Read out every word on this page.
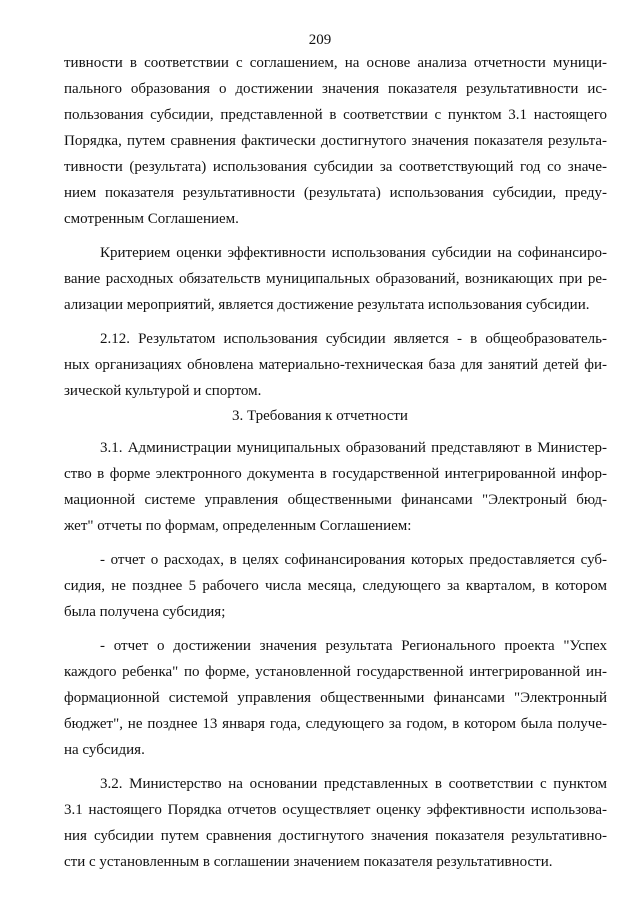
209
тивности в соответствии с соглашением, на основе анализа отчетности муници-
пального образования о достижении значения показателя результативности ис-
пользования субсидии, представленной в соответствии с пунктом 3.1 настоящего
Порядка, путем сравнения фактически достигнутого значения показателя результа-
тивности (результата) использования субсидии за соответствующий год со значе-
нием показателя результативности (результата) использования субсидии, преду-
смотренным Соглашением.
Критерием оценки эффективности использования субсидии на софинансиро-
вание расходных обязательств муниципальных образований, возникающих при ре-
ализации мероприятий, является достижение результата использования субсидии.
2.12. Результатом использования субсидии является - в общеобразователь-
ных организациях обновлена материально-техническая база для занятий детей фи-
зической культурой и спортом.
3. Требования к отчетности
3.1. Администрации муниципальных образований представляют в Министер-
ство в форме электронного документа в государственной интегрированной инфор-
мационной системе управления общественными финансами "Электроный бюд-
жет" отчеты по формам, определенным Соглашением:
- отчет о расходах, в целях софинансирования которых предоставляется суб-
сидия, не позднее 5 рабочего числа месяца, следующего за кварталом, в котором
была получена субсидия;
- отчет о достижении значения результата Регионального проекта "Успех
каждого ребенка" по форме, установленной государственной интегрированной ин-
формационной системой управления общественными финансами "Электронный
бюджет", не позднее 13 января года, следующего за годом, в котором была получе-
на субсидия.
3.2. Министерство на основании представленных в соответствии с пунктом
3.1 настоящего Порядка отчетов осуществляет оценку эффективности использова-
ния субсидии путем сравнения достигнутого значения показателя результативно-
сти с установленным в соглашении значением показателя результативности.
